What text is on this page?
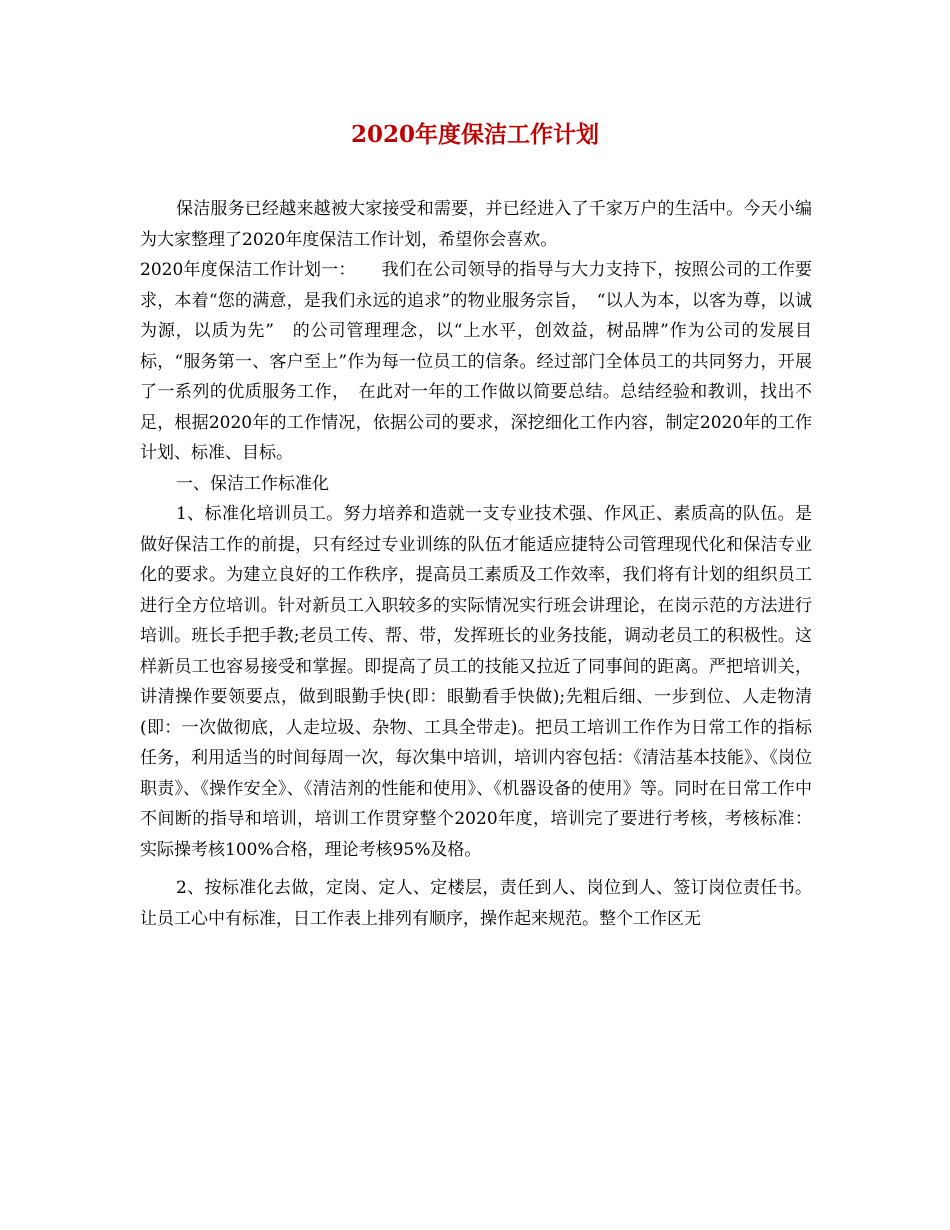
2020年度保洁工作计划

保洁服务已经越来越被大家接受和需要，并已经进入了千家万户的生活中。今天小编为大家整理了2020年度保洁工作计划，希望你会喜欢。

2020年度保洁工作计划一：　　我们在公司领导的指导与大力支持下，按照公司的工作要求，本着“您的满意，是我们永远的追求”的物业服务宗旨，　“以人为本，以客为尊，以诚为源，以质为先”　的公司管理理念，以“上水平，创效益，树品牌”作为公司的发展目标，“服务第一、客户至上”作为每一位员工的信条。经过部门全体员工的共同努力，开展了一系列的优质服务工作，　在此对一年的工作做以简要总结。总结经验和教训，找出不足，根据2020年的工作情况，依据公司的要求，深挖细化工作内容，制定2020年的工作计划、标准、目标。

一、保洁工作标准化

1、标准化培训员工。努力培养和造就一支专业技术强、作风正、素质高的队伍。是做好保洁工作的前提，只有经过专业训练的队伍才能适应捷特公司管理现代化和保洁专业化的要求。为建立良好的工作秩序，提高员工素质及工作效率，我们将有计划的组织员工进行全方位培训。针对新员工入职较多的实际情况实行班会讲理论，在岗示范的方法进行培训。班长手把手教;老员工传、帮、带，发挥班长的业务技能，调动老员工的积极性。这样新员工也容易接受和掌握。即提高了员工的技能又拉近了同事间的距离。严把培训关，讲清操作要领要点，做到眼勤手快(即：眼勤看手快做);先粗后细、一步到位、人走物清(即：一次做彻底，人走垃圾、杂物、工具全带走)。把员工培训工作作为日常工作的指标任务，利用适当的时间每周一次，每次集中培训，培训内容包括：《清洁基本技能》、《岗位职责》、《操作安全》、《清洁剂的性能和使用》、《机器设备的使用》等。同时在日常工作中不间断的指导和培训，培训工作贯穿整个2020年度，培训完了要进行考核，考核标准：实际操考核100%合格，理论考核95%及格。

2、按标准化去做，定岗、定人、定楼层，责任到人、岗位到人、签订岗位责任书。让员工心中有标准，日工作表上排列有顺序，操作起来规范。整个工作区无
